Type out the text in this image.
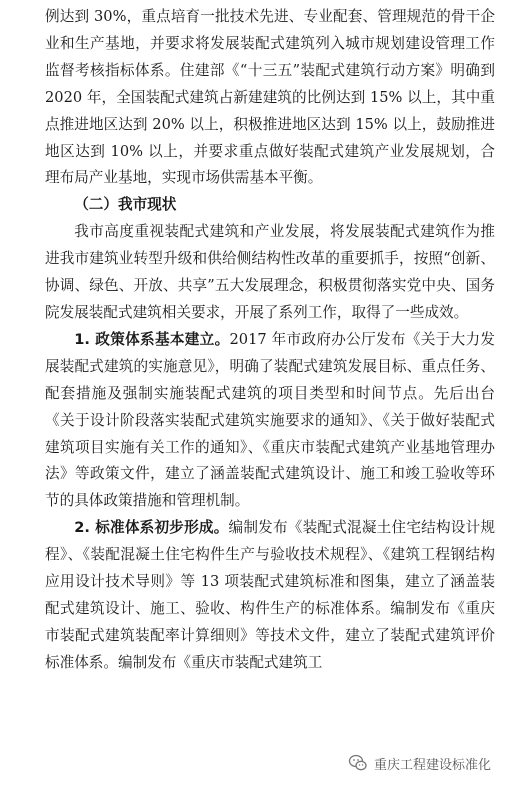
例达到 30%，重点培育一批技术先进、专业配套、管理规范的骨干企业和生产基地，并要求将发展装配式建筑列入城市规划建设管理工作监督考核指标体系。住建部《“十三五”装配式建筑行动方案》明确到 2020 年，全国装配式建筑占新建建筑的比例达到 15% 以上，其中重点推进地区达到 20% 以上，积极推进地区达到 15% 以上，鼓励推进地区达到 10% 以上，并要求重点做好装配式建筑产业发展规划，合理布局产业基地，实现市场供需基本平衡。

（二）我市现状

我市高度重视装配式建筑和产业发展，将发展装配式建筑作为推进我市建筑业转型升级和供给侧结构性改革的重要抓手，按照“创新、协调、绿色、开放、共享”五大发展理念，积极贯彻落实党中央、国务院发展装配式建筑相关要求，开展了系列工作，取得了一些成效。

1. 政策体系基本建立。2017 年市政府办公厅发布《关于大力发展装配式建筑的实施意见》，明确了装配式建筑发展目标、重点任务、配套措施及强制实施装配式建筑的项目类型和时间节点。先后出台《关于设计阶段落实装配式建筑实施要求的通知》、《关于做好装配式建筑项目实施有关工作的通知》、《重庆市装配式建筑产业基地管理办法》等政策文件，建立了涵盖装配式建筑设计、施工和竣工验收等环节的具体政策措施和管理机制。

2. 标准体系初步形成。编制发布《装配式混凝土住宅结构设计规程》、《装配混凝土住宅构件生产与验收技术规程》、《建筑工程钢结构应用设计技术导则》等 13 项装配式建筑标准和图集，建立了涵盖装配式建筑设计、施工、验收、构件生产的标准体系。编制发布《重庆市装配式建筑装配率计算细则》等技术文件，建立了装配式建筑评价标准体系。编制发布《重庆市装配式建筑工

重庆工程建设标准化
